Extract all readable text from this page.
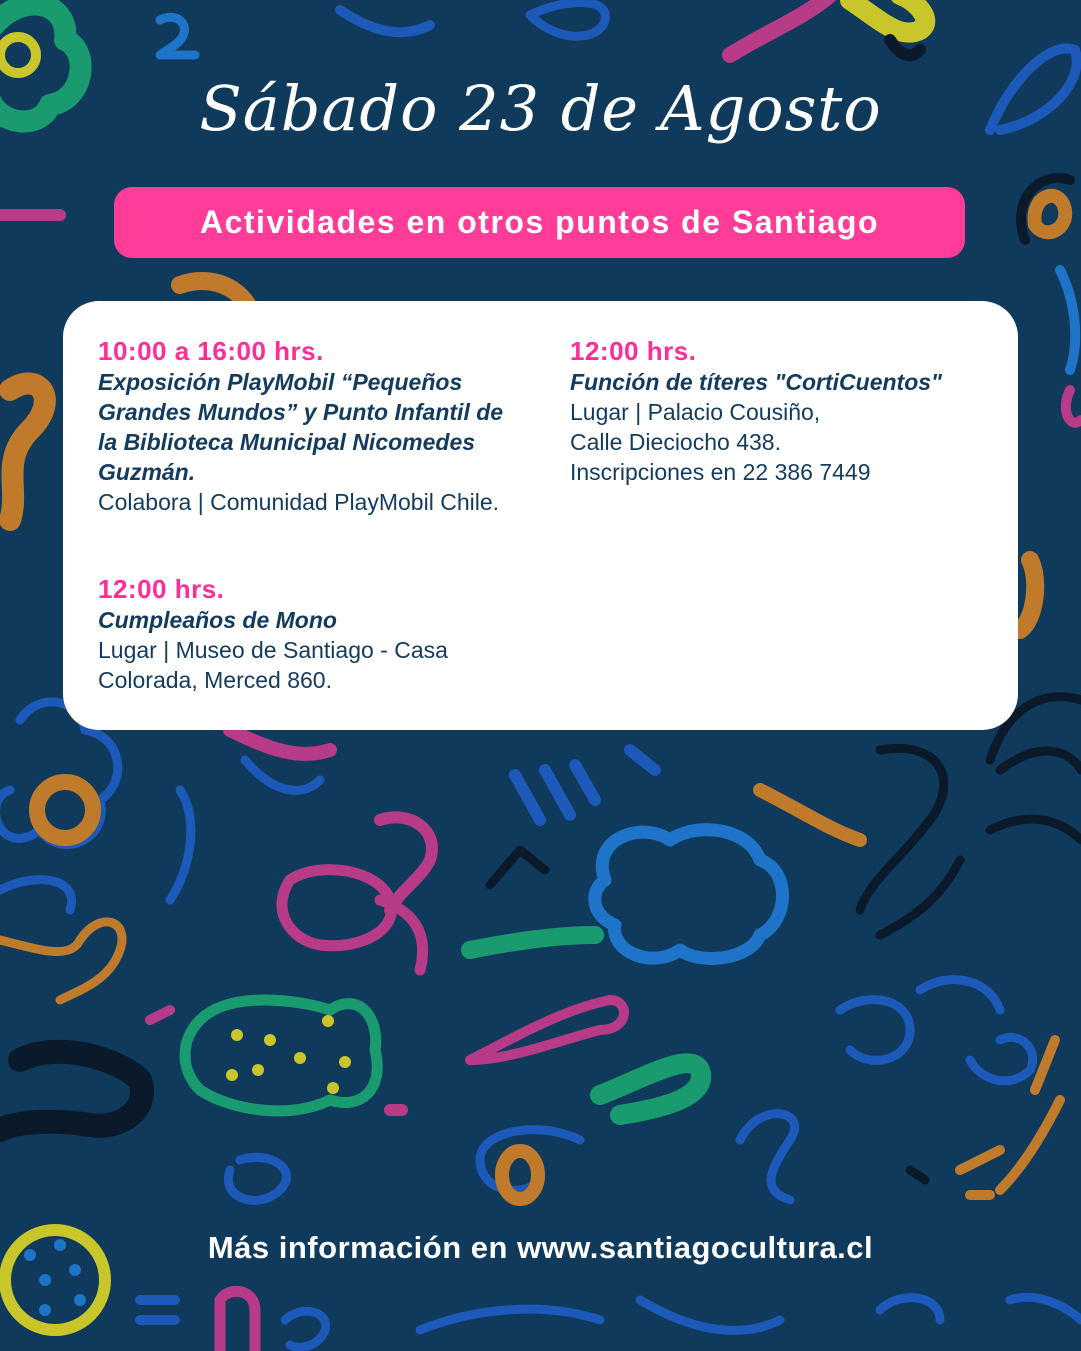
Sábado 23 de Agosto
Actividades en otros puntos de Santiago
10:00 a 16:00 hrs.
Exposición PlayMobil “Pequeños Grandes Mundos” y Punto Infantil de la Biblioteca Municipal Nicomedes Guzmán.
Colabora | Comunidad PlayMobil Chile.
12:00 hrs.
Función de títeres "CortiCuentos"
Lugar | Palacio Cousiño,
Calle Dieciocho 438.
Inscripciones en 22 386 7449
12:00 hrs.
Cumpleaños de Mono
Lugar | Museo de Santiago - Casa Colorada, Merced 860.
Más información en www.santiagocultura.cl
